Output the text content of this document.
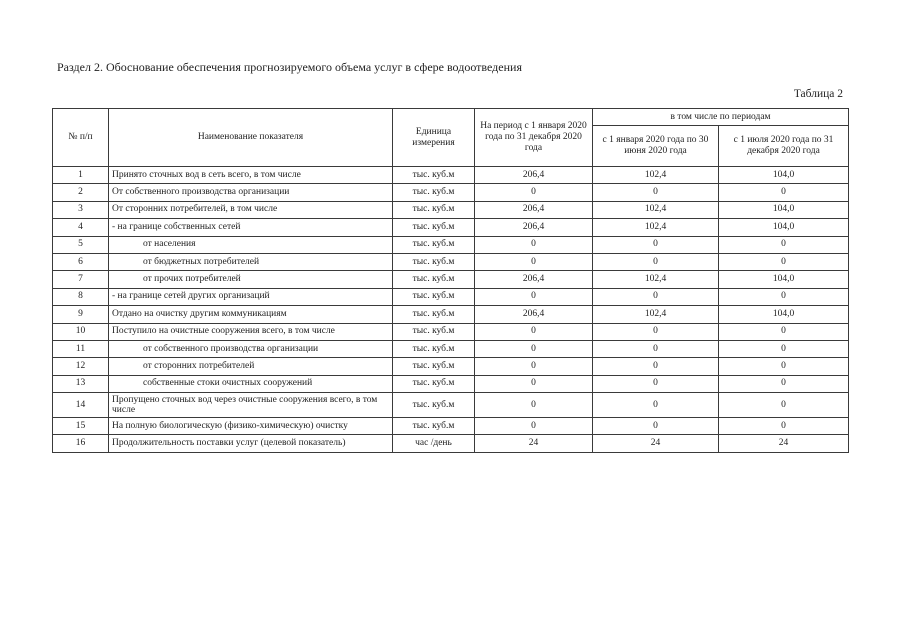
Раздел 2. Обоснование обеспечения прогнозируемого объема услуг в сфере водоотведения
Таблица 2
№ п/п	Наименование показателя	Единица измерения	На период с 1 января 2020 года по 31 декабря 2020 года	в том числе по периодам	
				с 1 января 2020 года по 30 июня 2020 года	с 1 июля 2020 года по 31 декабря 2020 года
1	Принято сточных вод в сеть всего, в том числе	тыс. куб.м	206,4	102,4	104,0
2	От собственного производства организации	тыс. куб.м	0	0	0
3	От сторонних потребителей, в том числе	тыс. куб.м	206,4	102,4	104,0
4	- на границе собственных сетей	тыс. куб.м	206,4	102,4	104,0
5	от населения	тыс. куб.м	0	0	0
6	от бюджетных потребителей	тыс. куб.м	0	0	0
7	от прочих потребителей	тыс. куб.м	206,4	102,4	104,0
8	- на границе сетей других организаций	тыс. куб.м	0	0	0
9	Отдано на очистку другим коммуникациям	тыс. куб.м	206,4	102,4	104,0
10	Поступило на очистные сооружения всего, в том числе	тыс. куб.м	0	0	0
11	от собственного производства организации	тыс. куб.м	0	0	0
12	от сторонних потребителей	тыс. куб.м	0	0	0
13	собственные стоки очистных сооружений	тыс. куб.м	0	0	0
14	Пропущено сточных вод через очистные сооружения всего, в том числе	тыс. куб.м	0	0	0
15	На полную биологическую (физико-химическую) очистку	тыс. куб.м	0	0	0
16	Продолжительность поставки услуг (целевой показатель)	час /день	24	24	24
